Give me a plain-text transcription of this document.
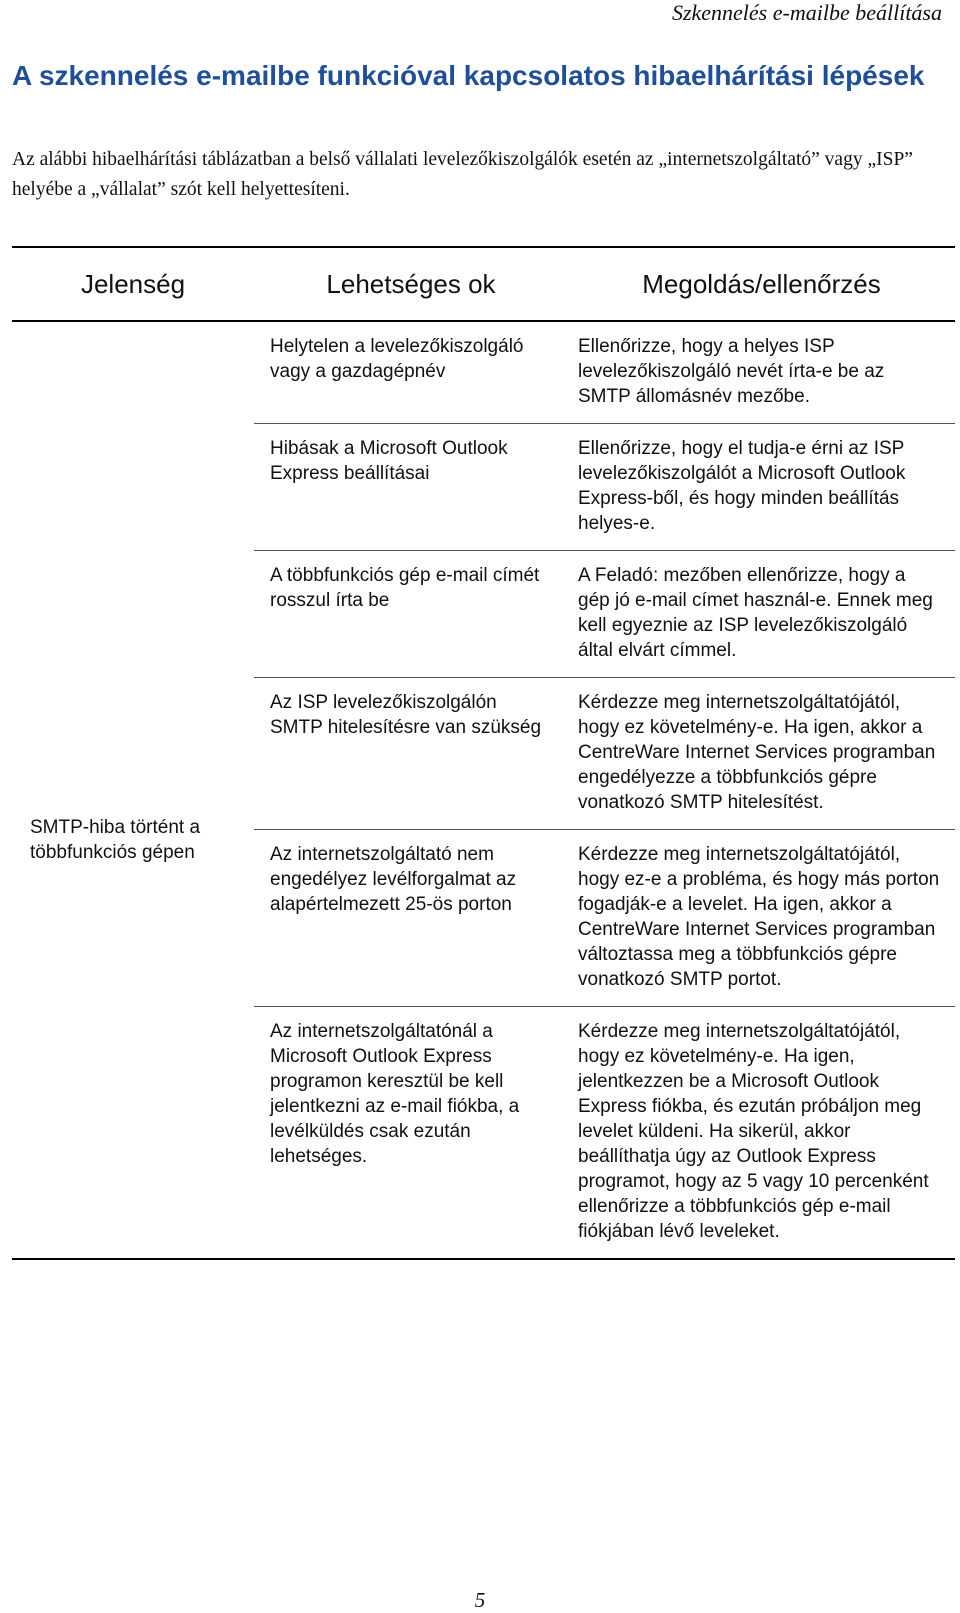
Szkennelés e-mailbe beállítása
A szkennelés e-mailbe funkcióval kapcsolatos hibaelhárítási lépések

Az alábbi hibaelhárítási táblázatban a belső vállalati levelezőkiszolgálók esetén az „internetszolgáltató” vagy „ISP” helyébe a „vállalat” szót kell helyettesíteni.

Jelenség	Lehetséges ok	Megoldás/ellenőrzés
SMTP-hiba történt a többfunkciós gépen
Helytelen a levelezőkiszolgáló vagy a gazdagépnév
Ellenőrizze, hogy a helyes ISP levelezőkiszolgáló nevét írta-e be az SMTP állomásnév mezőbe.
Hibásak a Microsoft Outlook Express beállításai
Ellenőrizze, hogy el tudja-e érni az ISP levelezőkiszolgálót a Microsoft Outlook Express-ből, és hogy minden beállítás helyes-e.
A többfunkciós gép e-mail címét rosszul írta be
A Feladó: mezőben ellenőrizze, hogy a gép jó e-mail címet használ-e. Ennek meg kell egyeznie az ISP levelezőkiszolgáló által elvárt címmel.
Az ISP levelezőkiszolgálón SMTP hitelesítésre van szükség
Kérdezze meg internetszolgáltatójától, hogy ez követelmény-e. Ha igen, akkor a CentreWare Internet Services programban engedélyezze a többfunkciós gépre vonatkozó SMTP hitelesítést.
Az internetszolgáltató nem engedélyez levélforgalmat az alapértelmezett 25-ös porton
Kérdezze meg internetszolgáltatójától, hogy ez-e a probléma, és hogy más porton fogadják-e a levelet. Ha igen, akkor a CentreWare Internet Services programban változtassa meg a többfunkciós gépre vonatkozó SMTP portot.
Az internetszolgáltatónál a Microsoft Outlook Express programon keresztül be kell jelentkezni az e-mail fiókba, a levélküldés csak ezután lehetséges.
Kérdezze meg internetszolgáltatójától, hogy ez követelmény-e. Ha igen, jelentkezzen be a Microsoft Outlook Express fiókba, és ezután próbáljon meg levelet küldeni. Ha sikerül, akkor beállíthatja úgy az Outlook Express programot, hogy az 5 vagy 10 percenként ellenőrizze a többfunkciós gép e-mail fiókjában lévő leveleket.
5
